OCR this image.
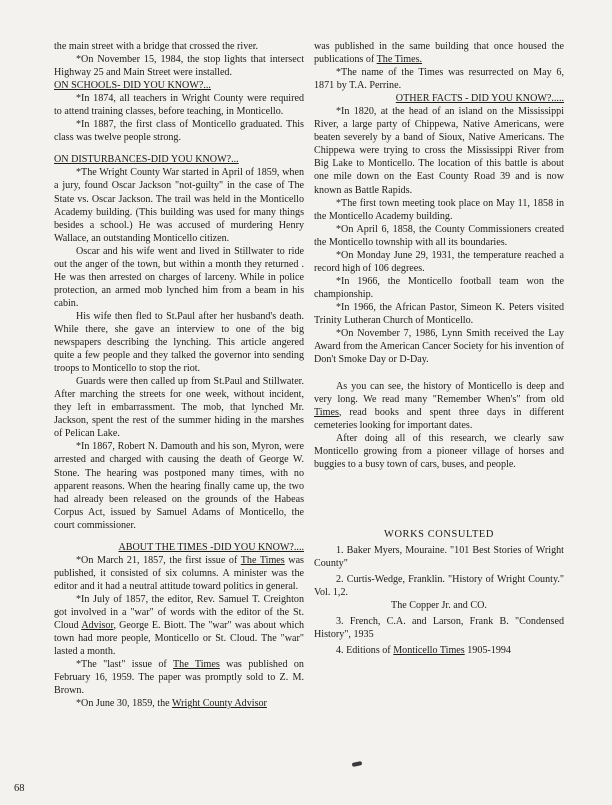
the main street with a bridge that crossed the river.

*On November 15, 1984, the stop lights that intersect Highway 25 and Main Street were installed.

ON SCHOOLS- DID YOU KNOW?...

*In 1874, all teachers in Wright County were required to attend training classes, before teaching, in Monticello.

*In 1887, the first class of Monticello graduated. This class was twelve people strong.

ON DISTURBANCES-DID YOU KNOW?...

*The Wright County War started in April of 1859, when a jury, found Oscar Jackson "not-guilty" in the case of The State vs. Oscar Jackson. The trail was held in the Monticello Academy building. (This building was used for many things besides a school.) He was accused of murdering Henry Wallace, an outstanding Monticello citizen.

Oscar and his wife went and lived in Stillwater to ride out the anger of the town, but within a month they returned . He was then arrested on charges of larceny. While in police protection, an armed mob lynched him from a beam in his cabin.

His wife then fled to St.Paul after her husband's death. While there, she gave an interview to one of the big newspapers describing the lynching. This article angered quite a few people and they talked the governor into sending troops to Monticello to stop the riot.

Guards were then called up from St.Paul and Stillwater. After marching the streets for one week, without incident, they left in embarrassment. The mob, that lynched Mr. Jackson, spent the rest of the summer hiding in the marshes of Pelican Lake.

*In 1867, Robert N. Damouth and his son, Myron, were arrested and charged with causing the death of George W. Stone. The hearing was postponed many times, with no apparent reasons. When the hearing finally came up, the two had already been released on the grounds of the Habeas Corpus Act, issued by Samuel Adams of Monticello, the court commissioner.

ABOUT THE TIMES -DID YOU KNOW?....

*On March 21, 1857, the first issue of The Times was published, it consisted of six columns. A minister was the editor and it had a neutral attitude toward politics in general.

*In July of 1857, the editor, Rev. Samuel T. Creighton got involved in a "war" of words with the editor of the St. Cloud Advisor, George E. Biott. The "war" was about which town had more people, Monticello or St. Cloud. The "war" lasted a month.

*The "last" issue of The Times was published on February 16, 1959. The paper was promptly sold to Z. M. Brown.

*On June 30, 1859, the Wright County Advisor

was published in the same building that once housed the publications of The Times.

*The name of the Times was resurrected on May 6, 1871 by T.A. Perrine.

OTHER FACTS - DID YOU KNOW?.....

*In 1820, at the head of an island on the Mississippi River, a large party of Chippewa, Native Americans, were beaten severely by a band of Sioux, Native Americans. The Chippewa were trying to cross the Mississippi River from Big Lake to Monticello. The location of this battle is about one mile down on the East County Road 39 and is now known as Battle Rapids.

*The first town meeting took place on May 11, 1858 in the Monticello Academy building.

*On April 6, 1858, the County Commissioners created the Monticello township with all its boundaries.

*On Monday June 29, 1931, the temperature reached a record high of 106 degrees.

*In 1966, the Monticello football team won the championship.

*In 1966, the African Pastor, Simeon K. Peters visited Trinity Lutheran Church of Monticello.

*On November 7, 1986, Lynn Smith received the Lay Award from the American Cancer Society for his invention of Don't Smoke Day or D-Day.

As you can see, the history of Monticello is deep and very long. We read many "Remember When's" from old Times, read books and spent three days in different cemeteries looking for important dates.

After doing all of this research, we clearly saw Monticello growing from a pioneer village of horses and buggies to a busy town of cars, buses, and people.

WORKS CONSULTED

1. Baker Myers, Mouraine. "101 Best Stories of Wright County"

2. Curtis-Wedge, Franklin. "History of Wright County." Vol. 1,2.

The Copper Jr. and CO.

3. French, C.A. and Larson, Frank B. "Condensed History", 1935

4. Editions of Monticello Times 1905-1994

68
